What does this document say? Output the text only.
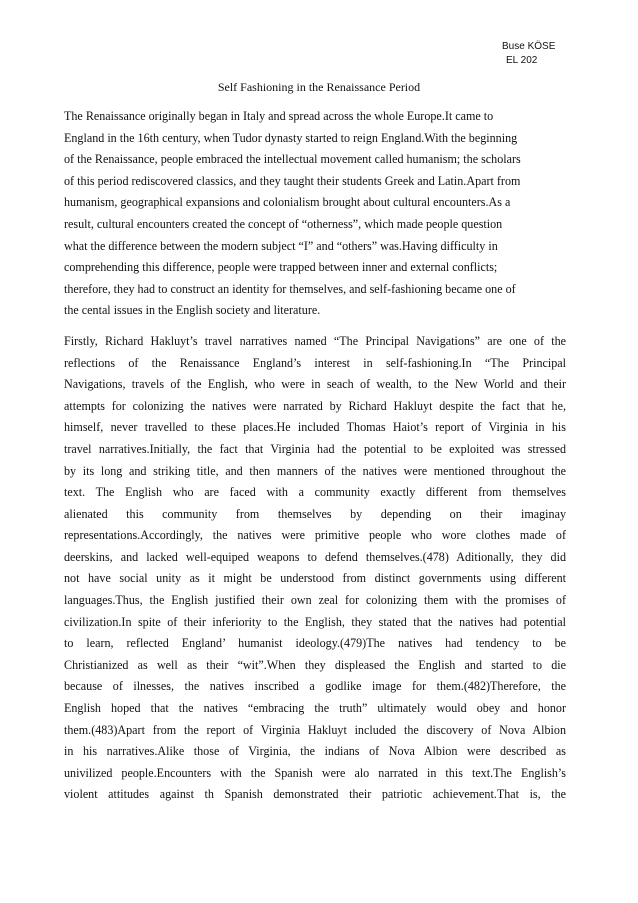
Buse KÖSE
EL 202
Self Fashioning in the Renaissance Period

The Renaissance originally began in Italy and spread across the whole Europe.It came to
England in the 16th century, when Tudor dynasty started to reign England.With the beginning
of the Renaissance, people embraced the intellectual movement called humanism; the scholars
of this period rediscovered classics, and they taught their students Greek and Latin.Apart from
humanism, geographical expansions and colonialism brought about cultural encounters.As a
result, cultural encounters created the concept of “otherness”, which made people question
what the difference between the modern subject “I” and “others” was.Having difficulty in
comprehending this difference, people were trapped between inner and external conflicts;
therefore, they had to construct an identity for themselves, and self-fashioning became one of
the cental issues in the English society and literature.

Firstly, Richard Hakluyt’s travel narratives named “The Principal Navigations” are one of the
reflections of the Renaissance England’s interest in self-fashioning.In “The Principal
Navigations, travels of the English, who were in seach of wealth, to the New World and their
attempts for colonizing the natives were narrated by Richard Hakluyt despite the fact that he,
himself, never travelled to these places.He included Thomas Haiot’s report of Virginia in his
travel narratives.Initially, the fact that Virginia had the potential to be exploited was stressed
by its long and striking title, and then manners of the natives were mentioned throughout the
text. The English who are faced with a community exactly different from themselves
alienated this community from themselves by depending on their imaginay
representations.Accordingly, the natives were primitive people who wore clothes made of
deerskins, and lacked well-equiped weapons to defend themselves.(478) Aditionally, they did
not have social unity as it might be understood from distinct governments using different
languages.Thus, the English justified their own zeal for colonizing them with the promises of
civilization.In spite of their inferiority to the English, they stated that the natives had potential
to learn, reflected England’ humanist ideology.(479)The natives had tendency to be
Christianized as well as their “wit”.When they displeased the English and started to die
because of ilnesses, the natives inscribed a godlike image for them.(482)Therefore, the
English hoped that the natives “embracing the truth” ultimately would obey and honor
them.(483)Apart from the report of Virginia Hakluyt included the discovery of Nova Albion
in his narratives.Alike those of Virginia, the indians of Nova Albion were described as
univilized people.Encounters with the Spanish were alo narrated in this text.The English’s
violent attitudes against th Spanish demonstrated their patriotic achievement.That is, the
